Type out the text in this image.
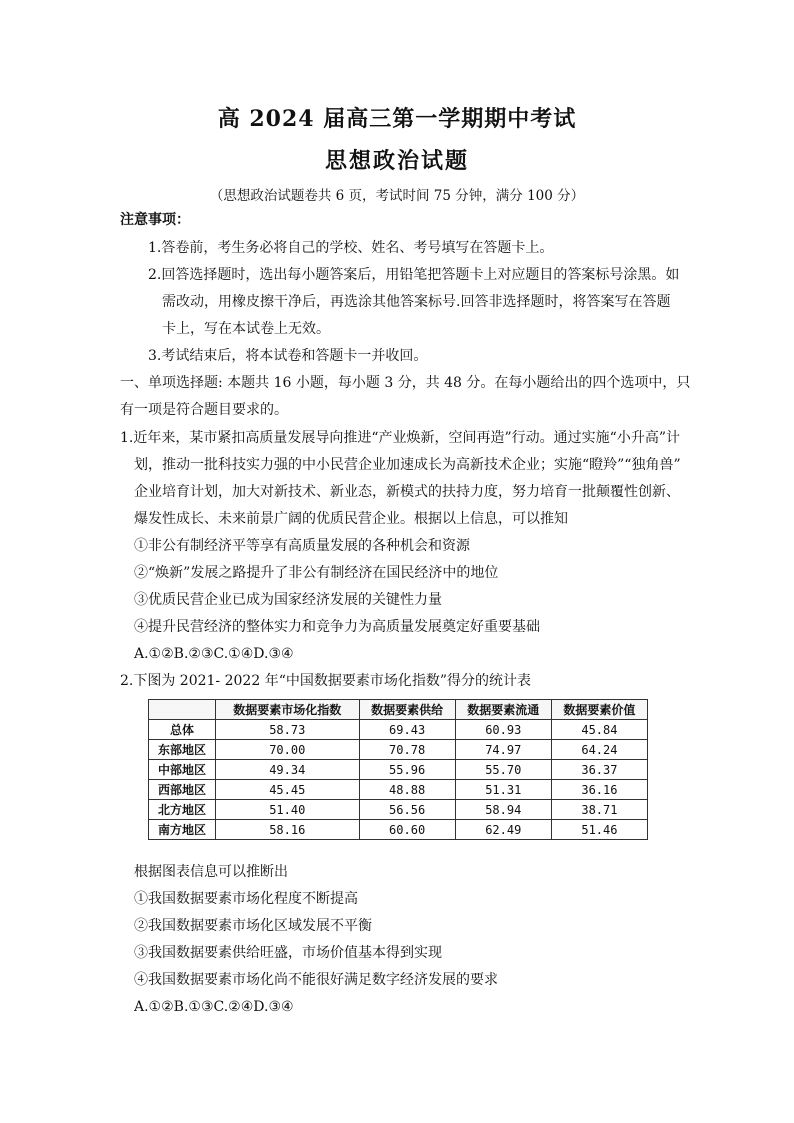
高 2024 届高三第一学期期中考试
思想政治试题
（思想政治试题卷共 6 页，考试时间 75 分钟，满分 100 分）
注意事项：
1.答卷前，考生务必将自己的学校、姓名、考号填写在答题卡上。
2.回答选择题时，选出每小题答案后，用铅笔把答题卡上对应题目的答案标号涂黑。如
需改动，用橡皮擦干净后，再选涂其他答案标号.回答非选择题时，将答案写在答题
卡上，写在本试卷上无效。
3.考试结束后，将本试卷和答题卡一并收回。
一、单项选择题: 本题共 16 小题，每小题 3 分，共 48 分。在每小题给出的四个选项中，只
有一项是符合题目要求的。
1.近年来，某市紧扣高质量发展导向推进“产业焕新，空间再造”行动。通过实施“小升高”计
划，推动一批科技实力强的中小民营企业加速成长为高新技术企业；实施“瞪羚”“独角兽”
企业培育计划，加大对新技术、新业态，新模式的扶持力度，努力培育一批颠覆性创新、
爆发性成长、未来前景广阔的优质民营企业。根据以上信息，可以推知
①非公有制经济平等享有高质量发展的各种机会和资源
②“焕新”发展之路提升了非公有制经济在国民经济中的地位
③优质民营企业已成为国家经济发展的关键性力量
④提升民营经济的整体实力和竞争力为高质量发展奠定好重要基础
A.①②B.②③C.①④D.③④
2.下图为 2021- 2022 年“中国数据要素市场化指数”得分的统计表
	数据要素市场化指数	数据要素供给	数据要素流通	数据要素价值
总体	58.73	69.43	60.93	45.84
东部地区	70.00	70.78	74.97	64.24
中部地区	49.34	55.96	55.70	36.37
西部地区	45.45	48.88	51.31	36.16
北方地区	51.40	56.56	58.94	38.71
南方地区	58.16	60.60	62.49	51.46
根据图表信息可以推断出
①我国数据要素市场化程度不断提高
②我国数据要素市场化区域发展不平衡
③我国数据要素供给旺盛，市场价值基本得到实现
④我国数据要素市场化尚不能很好满足数字经济发展的要求
A.①②B.①③C.②④D.③④
